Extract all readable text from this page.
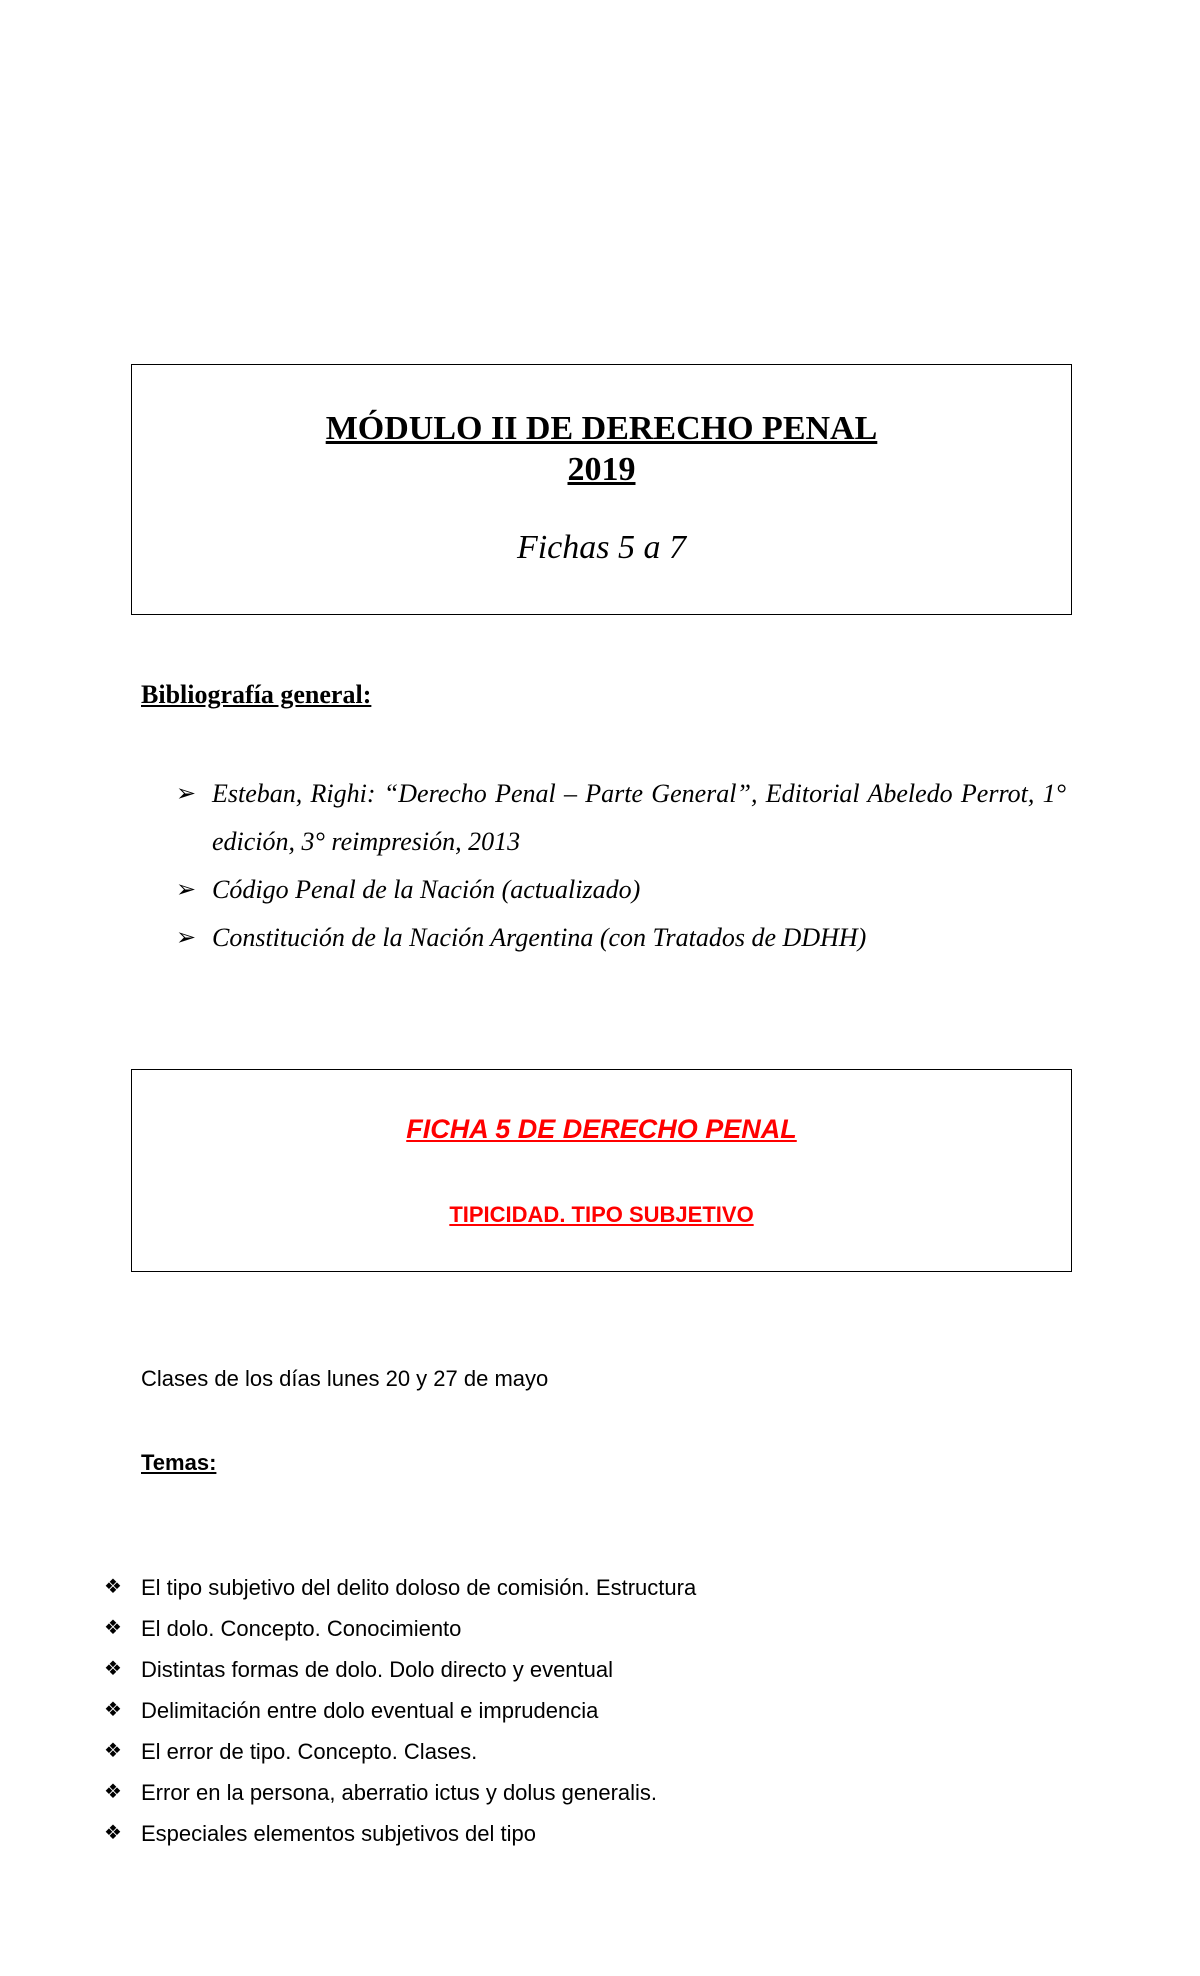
MÓDULO II DE DERECHO PENAL
2019
Fichas 5 a 7
Bibliografía general:
➢ Esteban, Righi: “Derecho Penal – Parte General”, Editorial Abeledo Perrot, 1° edición, 3° reimpresión, 2013
➢ Código Penal de la Nación (actualizado)
➢ Constitución de la Nación Argentina (con Tratados de DDHH)
FICHA 5 DE DERECHO PENAL
TIPICIDAD. TIPO SUBJETIVO
Clases de los días lunes 20 y 27 de mayo
Temas:
❖ El tipo subjetivo del delito doloso de comisión. Estructura
❖ El dolo. Concepto. Conocimiento
❖ Distintas formas de dolo. Dolo directo y eventual
❖ Delimitación entre dolo eventual e imprudencia
❖ El error de tipo. Concepto. Clases.
❖ Error en la persona, aberratio ictus y dolus generalis.
❖ Especiales elementos subjetivos del tipo
